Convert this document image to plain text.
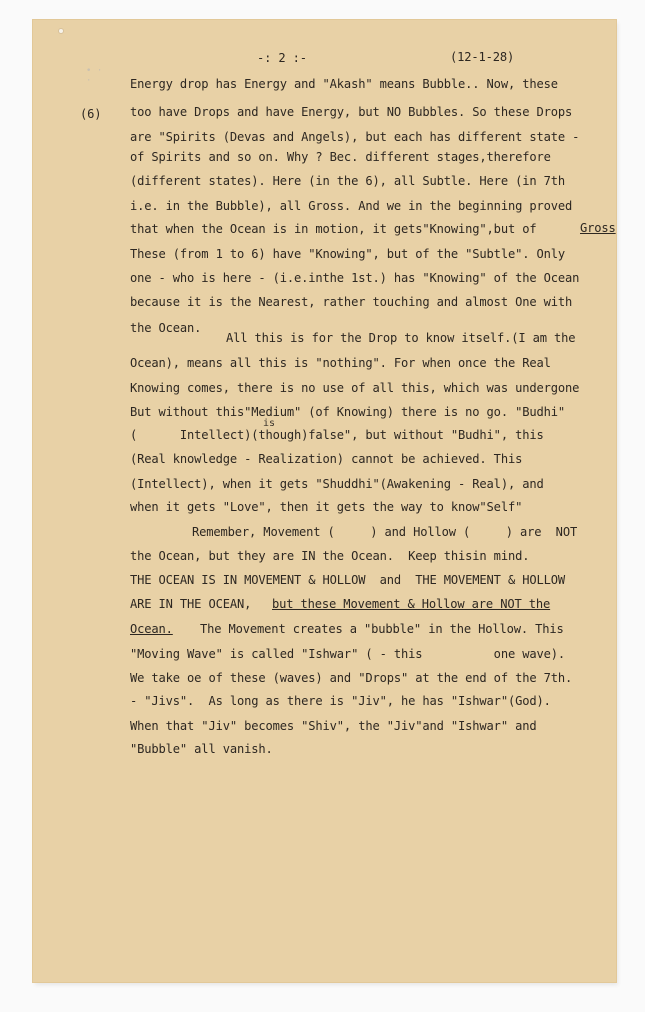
• ·
·
-: 2 :-	(12-1-28)
(6)
Energy drop has Energy and "Akash" means Bubble.. Now, these
too have Drops and have Energy, but NO Bubbles. So these Drops
are "Spirits (Devas and Angels), but each has different state -
of Spirits and so on. Why ? Bec. different stages,therefore
(different states). Here (in the 6), all Subtle. Here (in 7th
i.e. in the Bubble), all Gross. And we in the beginning proved
that when the Ocean is in motion, it gets"Knowing",but of	Gross
These (from 1 to 6) have "Knowing", but of the "Subtle". Only
one - who is here - (i.e.inthe 1st.) has "Knowing" of the Ocean
because it is the Nearest, rather touching and almost One with
the Ocean.
All this is for the Drop to know itself.(I am the
Ocean), means all this is "nothing". For when once the Real
Knowing comes, there is no use of all this, which was undergone
But without this"Medium" (of Knowing) there is no go. "Budhi"
is
(      Intellect)(though)false", but without "Budhi", this
(Real knowledge - Realization) cannot be achieved. This
(Intellect), when it gets "Shuddhi"(Awakening - Real), and
when it gets "Love", then it gets the way to know"Self"
Remember, Movement (     ) and Hollow (     ) are  NOT
the Ocean, but they are IN the Ocean.  Keep thisin mind.
THE OCEAN IS IN MOVEMENT & HOLLOW  and  THE MOVEMENT & HOLLOW
ARE IN THE OCEAN, but these Movement & Hollow are NOT the
Ocean. The Movement creates a "bubble" in the Hollow. This
"Moving Wave" is called "Ishwar" ( - this          one wave).
We take oe of these (waves) and "Drops" at the end of the 7th.
- "Jivs".  As long as there is "Jiv", he has "Ishwar"(God).
When that "Jiv" becomes "Shiv", the "Jiv"and "Ishwar" and
"Bubble" all vanish.
